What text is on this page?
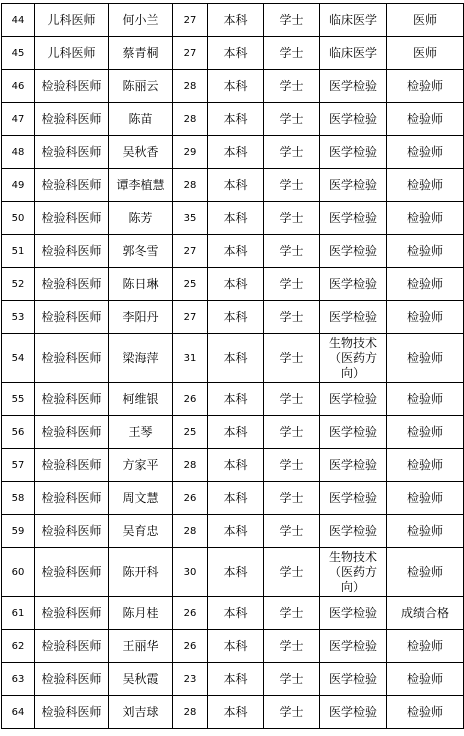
44	儿科医师	何小兰	27	本科	学士	临床医学	医师
45	儿科医师	蔡青桐	27	本科	学士	临床医学	医师
46	检验科医师	陈丽云	28	本科	学士	医学检验	检验师
47	检验科医师	陈苗	28	本科	学士	医学检验	检验师
48	检验科医师	吴秋香	29	本科	学士	医学检验	检验师
49	检验科医师	谭李植慧	28	本科	学士	医学检验	检验师
50	检验科医师	陈芳	35	本科	学士	医学检验	检验师
51	检验科医师	郭冬雪	27	本科	学士	医学检验	检验师
52	检验科医师	陈日琳	25	本科	学士	医学检验	检验师
53	检验科医师	李阳丹	27	本科	学士	医学检验	检验师
54	检验科医师	梁海萍	31	本科	学士	生物技术（医药方向）	检验师
55	检验科医师	柯维银	26	本科	学士	医学检验	检验师
56	检验科医师	王琴	25	本科	学士	医学检验	检验师
57	检验科医师	方家平	28	本科	学士	医学检验	检验师
58	检验科医师	周文慧	26	本科	学士	医学检验	检验师
59	检验科医师	吴育忠	28	本科	学士	医学检验	检验师
60	检验科医师	陈开科	30	本科	学士	生物技术（医药方向）	检验师
61	检验科医师	陈月桂	26	本科	学士	医学检验	成绩合格
62	检验科医师	王丽华	26	本科	学士	医学检验	检验师
63	检验科医师	吴秋霞	23	本科	学士	医学检验	检验师
64	检验科医师	刘吉球	28	本科	学士	医学检验	检验师
